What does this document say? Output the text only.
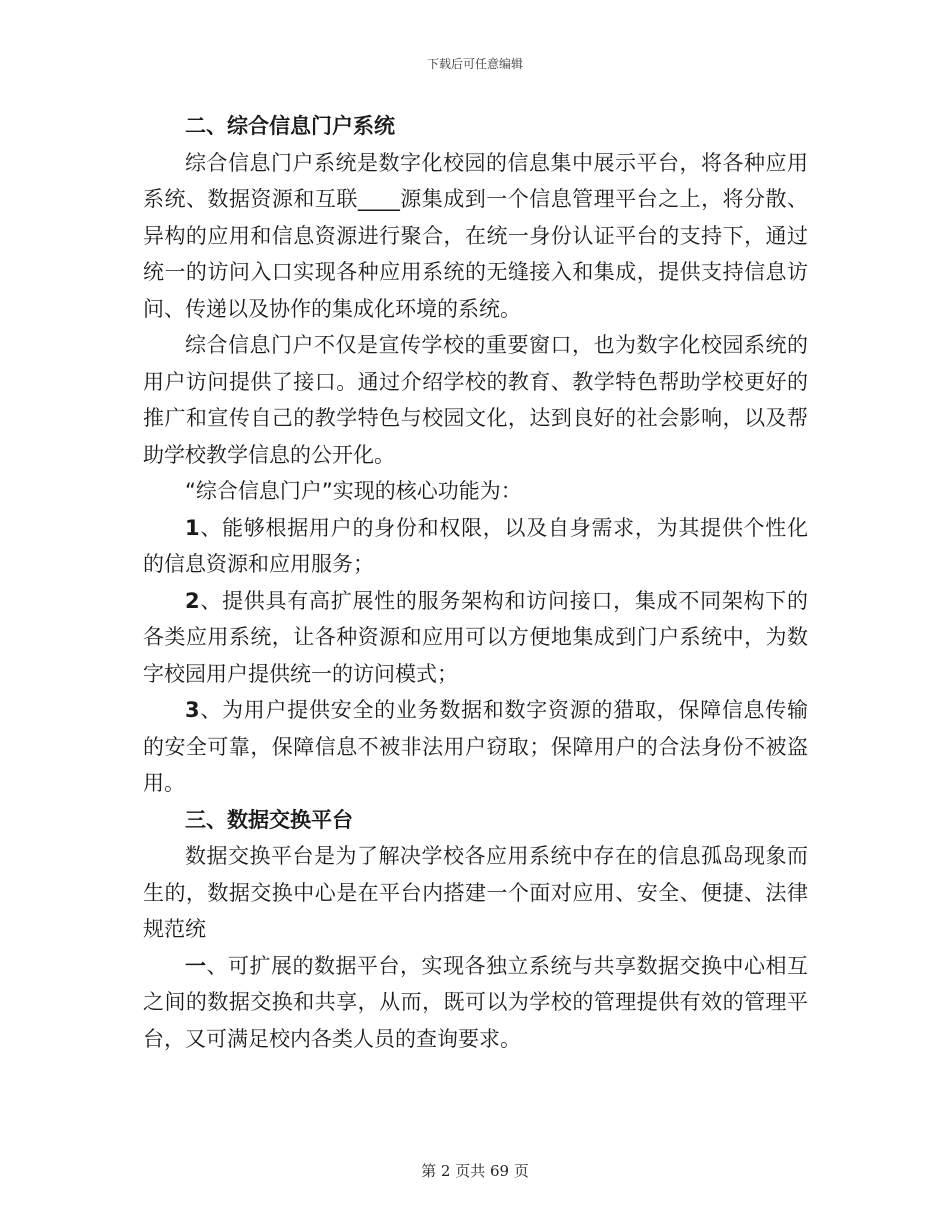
下载后可任意编辑

二、综合信息门户系统

综合信息门户系统是数字化校园的信息集中展示平台，将各种应用系统、数据资源和互联____源集成到一个信息管理平台之上，将分散、异构的应用和信息资源进行聚合，在统一身份认证平台的支持下，通过统一的访问入口实现各种应用系统的无缝接入和集成，提供支持信息访问、传递以及协作的集成化环境的系统。

综合信息门户不仅是宣传学校的重要窗口，也为数字化校园系统的用户访问提供了接口。通过介绍学校的教育、教学特色帮助学校更好的推广和宣传自己的教学特色与校园文化，达到良好的社会影响，以及帮助学校教学信息的公开化。

“综合信息门户”实现的核心功能为：

1、能够根据用户的身份和权限，以及自身需求，为其提供个性化的信息资源和应用服务；

2、提供具有高扩展性的服务架构和访问接口，集成不同架构下的各类应用系统，让各种资源和应用可以方便地集成到门户系统中，为数字校园用户提供统一的访问模式；

3、为用户提供安全的业务数据和数字资源的猎取，保障信息传输的安全可靠，保障信息不被非法用户窃取；保障用户的合法身份不被盗用。

三、数据交换平台

数据交换平台是为了解决学校各应用系统中存在的信息孤岛现象而生的，数据交换中心是在平台内搭建一个面对应用、安全、便捷、法律规范统

一、可扩展的数据平台，实现各独立系统与共享数据交换中心相互之间的数据交换和共享，从而，既可以为学校的管理提供有效的管理平台，又可满足校内各类人员的查询要求。

第 2 页共 69 页
